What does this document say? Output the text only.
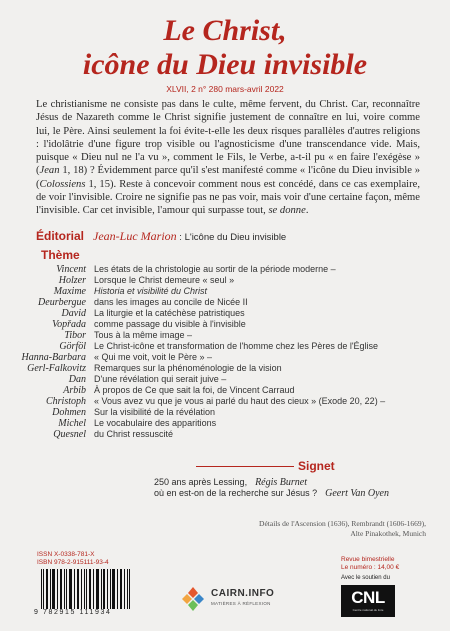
Le Christ,
icône du Dieu invisible
XLVII, 2 n° 280 mars-avril 2022

Le christianisme ne consiste pas dans le culte, même fervent, du Christ. Car, reconnaître Jésus de Nazareth comme le Christ signifie justement de connaître en lui, voire comme lui, le Père. Ainsi seulement la foi évite-t-elle les deux risques parallèles d'autres religions : l'idolâtrie d'une figure trop visible ou l'agnosticisme d'une transcendance vide. Mais, puisque « Dieu nul ne l'a vu », comment le Fils, le Verbe, a-t-il pu « en faire l'exégèse » (Jean 1, 18) ? Évidemment parce qu'il s'est manifesté comme « l'icône du Dieu invisible » (Colossiens 1, 15). Reste à concevoir comment nous est concédé, dans ce cas exemplaire, de voir l'invisible. Croire ne signifie pas ne pas voir, mais voir d'une certaine façon, même l'invisible. Car cet invisible, l'amour qui surpasse tout, se donne.

Éditorial Jean-Luc Marion : L'icône du Dieu invisible
Thème
Vincent
Holzer
Les états de la christologie au sortir de la période moderne –
Lorsque le Christ demeure « seul »
Maxime
Deurbergue
Historia et visibilité du Christ
dans les images au concile de Nicée II
David
Vopřada
La liturgie et la catéchèse patristiques
comme passage du visible à l'invisible
Tibor
Görföl
Tous à la même image –
Le Christ-icône et transformation de l'homme chez les Pères de l'Église
Hanna-Barbara
Gerl-Falkovitz
« Qui me voit, voit le Père » –
Remarques sur la phénoménologie de la vision
Dan
Arbib
D'une révélation qui serait juive –
À propos de Ce que sait la foi, de Vincent Carraud
Christoph
Dohmen
« Vous avez vu que je vous ai parlé du haut des cieux » (Exode 20, 22) –
Sur la visibilité de la révélation
Michel
Quesnel
Le vocabulaire des apparitions
du Christ ressuscité
Signet
250 ans après Lessing, Régis Burnet
où en est-on de la recherche sur Jésus ? Geert Van Oyen
Détails de l'Ascension (1636), Rembrandt (1606-1669),
Alte Pinakothek, Munich
ISSN X-0338-781-X
ISBN 978-2-915111-93-4
9 782915 111934
CAIRN.INFO
MATIÈRES À RÉFLEXION
Revue bimestrielle
Le numéro : 14,00 €
Avec le soutien du
CNL
Centre national du livre
